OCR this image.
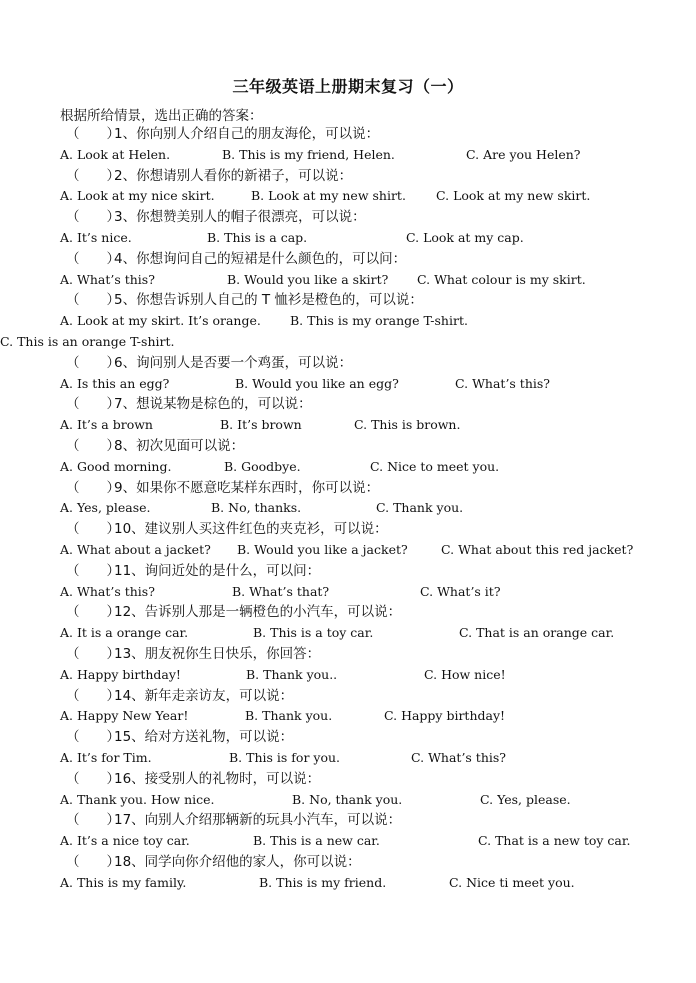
三年级英语上册期末复习（一）
根据所给情景，选出正确的答案：
（　　）
1、你向别人介绍自己的朋友海伦，可以说：
A. Look at Helen.	B. This is my friend, Helen.	C. Are you Helen?
（　　）
2、你想请别人看你的新裙子，可以说：
A. Look at my nice skirt.	B. Look at my new shirt. C. Look at my new skirt.
（　　）
3、你想赞美别人的帽子很漂亮，可以说：
A. It’s nice.	B. This is a cap.	C. Look at my cap.
（　　）
4、你想询问自己的短裙是什么颜色的，可以问：
A. What’s this?	B. Would you like a skirt? C. What colour is my skirt.
（　　）
5、你想告诉别人自己的 T 恤衫是橙色的，可以说：
A. Look at my skirt. It’s orange. B. This is my orange T-shirt.
C. This is an orange T-shirt.
（　　）
6、询问别人是否要一个鸡蛋，可以说：
A. Is this an egg?	B. Would you like an egg?	C. What’s this?
（　　）
7、想说某物是棕色的，可以说：
A. It’s a brown	B. It’s brown	C. This is brown.
（　　）
8、初次见面可以说：
A. Good morning.	B. Goodbye.	C. Nice to meet you.
（　　）
9、如果你不愿意吃某样东西时，你可以说：
A. Yes, please.	B. No, thanks.	C. Thank you.
（　　）
10、建议别人买这件红色的夹克衫，可以说：
A. What about a jacket? B. Would you like a jacket?	C. What about this red jacket?
（　　）
11、询问近处的是什么，可以问：
A. What’s this?	B. What’s that?	C. What’s it?
（　　）
12、告诉别人那是一辆橙色的小汽车，可以说：
A. It is a orange car.	B. This is a toy car.	C. That is an orange car.
（　　）
13、朋友祝你生日快乐，你回答：
A. Happy birthday!	B. Thank you..	C. How nice!
（　　）
14、新年走亲访友，可以说：
A. Happy New Year!	B. Thank you.	C. Happy birthday!
（　　）
15、给对方送礼物，可以说：
A. It’s for Tim.	B. This is for you.	C. What’s this?
（　　）
16、接受别人的礼物时，可以说：
A. Thank you. How nice.	B. No, thank you.	C. Yes, please.
（　　）
17、向别人介绍那辆新的玩具小汽车，可以说：
A. It’s a nice toy car.	B. This is a new car.	C. That is a new toy car.
（　　）
18、同学向你介绍他的家人，你可以说：
A. This is my family.	B. This is my friend.	C. Nice ti meet you.
